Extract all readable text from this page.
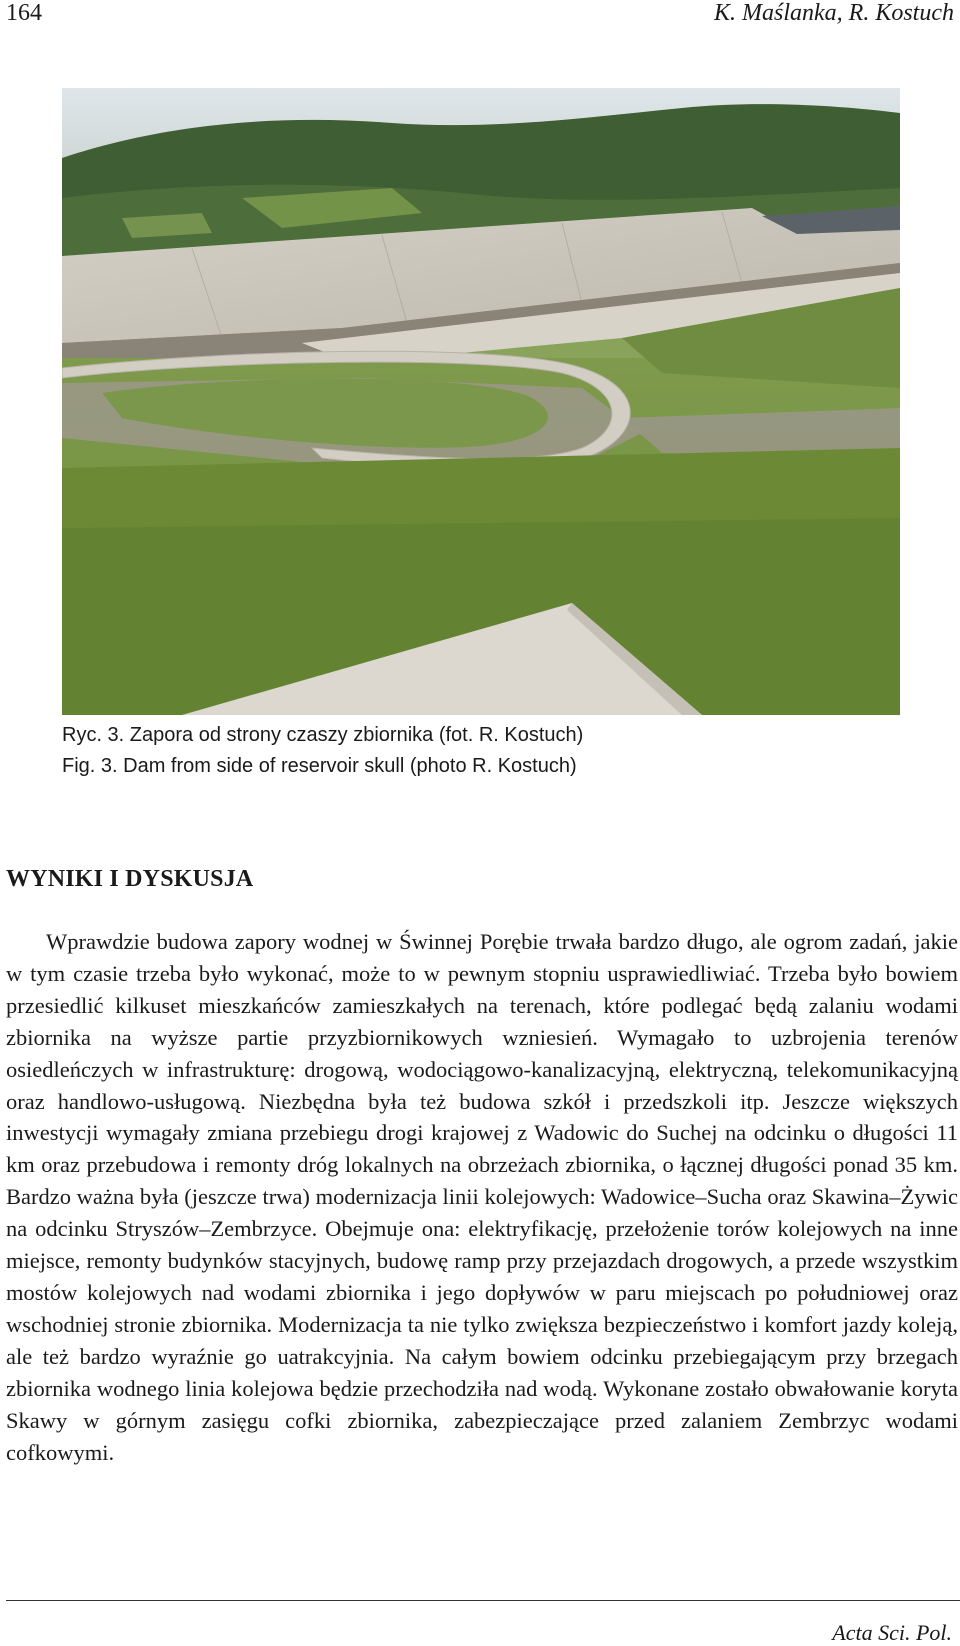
164	K. Maślanka, R. Kostuch
Ryc. 3. Zapora od strony czaszy zbiornika (fot. R. Kostuch)
Fig. 3. Dam from side of reservoir skull (photo R. Kostuch)
WYNIKI I DYSKUSJA

Wprawdzie budowa zapory wodnej w Świnnej Porębie trwała bardzo długo, ale ogrom zadań, jakie w tym czasie trzeba było wykonać, może to w pewnym stopniu usprawiedliwiać. Trzeba było bowiem przesiedlić kilkuset mieszkańców zamieszkałych na terenach, które podlegać będą zalaniu wodami zbiornika na wyższe partie przyzbiornikowych wzniesień. Wymagało to uzbrojenia terenów osiedleńczych w infrastrukturę: drogową, wodociągowo-kanalizacyjną, elektryczną, telekomunikacyjną oraz handlowo-usługową. Niezbędna była też budowa szkół i przedszkoli itp. Jeszcze większych inwestycji wymagały zmiana przebiegu drogi krajowej z Wadowic do Suchej na odcinku o długości 11 km oraz przebudowa i remonty dróg lokalnych na obrzeżach zbiornika, o łącznej długości ponad 35 km. Bardzo ważna była (jeszcze trwa) modernizacja linii kolejowych: Wadowice–Sucha oraz Skawina–Żywic na odcinku Stryszów–Zembrzyce. Obejmuje ona: elektryfikację, przełożenie torów kolejowych na inne miejsce, remonty budynków stacyjnych, budowę ramp przy przejazdach drogowych, a przede wszystkim mostów kolejowych nad wodami zbiornika i jego dopływów w paru miejscach po południowej oraz wschodniej stronie zbiornika. Modernizacja ta nie tylko zwiększa bezpieczeństwo i komfort jazdy koleją, ale też bardzo wyraźnie go uatrakcyjnia. Na całym bowiem odcinku przebiegającym przy brzegach zbiornika wodnego linia kolejowa będzie przechodziła nad wodą. Wykonane zostało obwałowanie koryta Skawy w górnym zasięgu cofki zbiornika, zabezpieczające przed zalaniem Zembrzyc wodami cofkowymi.

Acta Sci. Pol.
